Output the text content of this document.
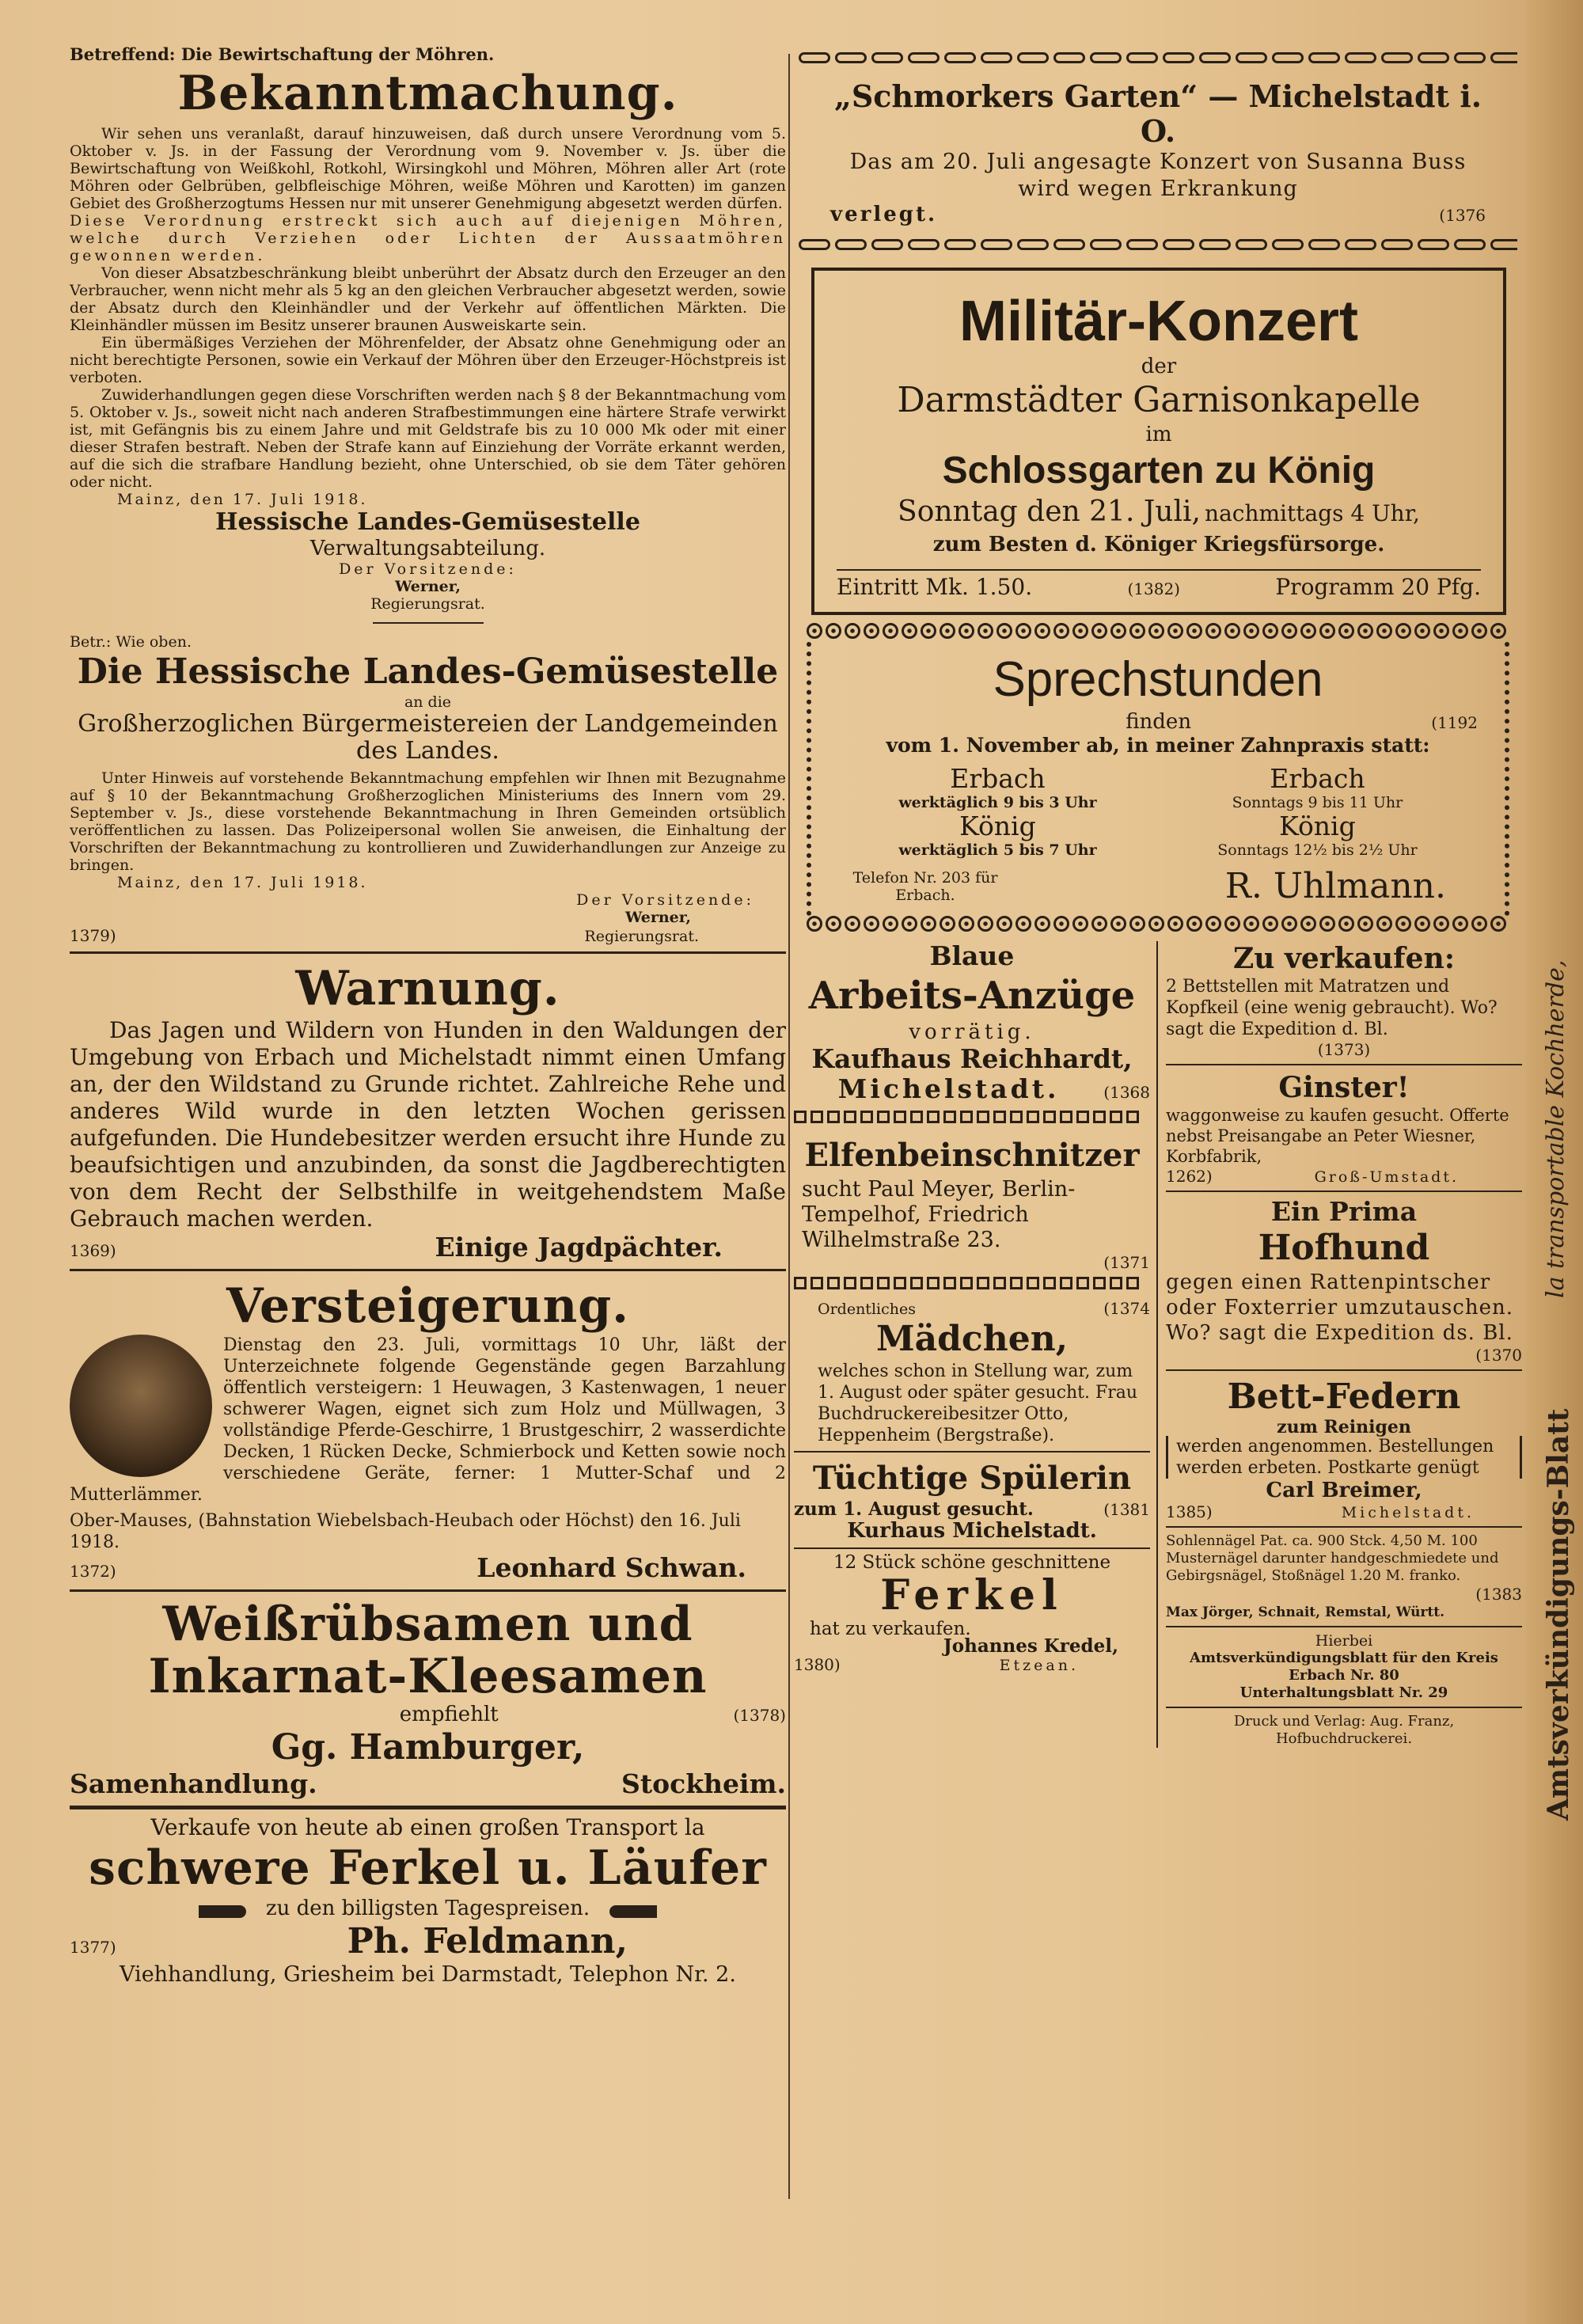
Betreffend: Die Bewirtschaftung der Möhren.
Bekanntmachung.
Wir sehen uns veranlaßt, darauf hinzuweisen, daß durch unsere Verordnung vom 5. Oktober v. Js. in der Fassung der Verordnung vom 9. November v. Js. über die Bewirtschaftung von Weißkohl, Rotkohl, Wirsingkohl und Möhren, Möhren aller Art (rote Möhren oder Gelbrüben, gelbfleischige Möhren, weiße Möhren und Karotten) im ganzen Gebiet des Großherzogtums Hessen nur mit unserer Genehmigung abgesetzt werden dürfen.
Diese Verordnung erstreckt sich auch auf diejenigen Möhren, welche durch Verziehen oder Lichten der Aussaatmöhren gewonnen werden.
Von dieser Absatzbeschränkung bleibt unberührt der Absatz durch den Erzeuger an den Verbraucher, wenn nicht mehr als 5 kg an den gleichen Verbraucher abgesetzt werden, sowie der Absatz durch den Kleinhändler und der Verkehr auf öffentlichen Märkten. Die Kleinhändler müssen im Besitz unserer braunen Ausweiskarte sein.
Ein übermäßiges Verziehen der Möhrenfelder, der Absatz ohne Genehmigung oder an nicht berechtigte Personen, sowie ein Verkauf der Möhren über den Erzeuger-Höchstpreis ist verboten.
Zuwiderhandlungen gegen diese Vorschriften werden nach § 8 der Bekanntmachung vom 5. Oktober v. Js., soweit nicht nach anderen Strafbestimmungen eine härtere Strafe verwirkt ist, mit Gefängnis bis zu einem Jahre und mit Geldstrafe bis zu 10 000 Mk oder mit einer dieser Strafen bestraft. Neben der Strafe kann auf Einziehung der Vorräte erkannt werden, auf die sich die strafbare Handlung bezieht, ohne Unterschied, ob sie dem Täter gehören oder nicht.
Mainz, den 17. Juli 1918.
Hessische Landes-Gemüsestelle
Verwaltungsabteilung.
Der Vorsitzende:
Werner,
Regierungsrat.
Betr.: Wie oben.
Die Hessische Landes-Gemüsestelle
an die
Großherzoglichen Bürgermeistereien der Landgemeinden
des Landes.
Unter Hinweis auf vorstehende Bekanntmachung empfehlen wir Ihnen mit Bezugnahme auf § 10 der Bekanntmachung Großherzoglichen Ministeriums des Innern vom 29. September v. Js., diese vorstehende Bekanntmachung in Ihren Gemeinden ortsüblich veröffentlichen zu lassen. Das Polizeipersonal wollen Sie anweisen, die Einhaltung der Vorschriften der Bekanntmachung zu kontrollieren und Zuwiderhandlungen zur Anzeige zu bringen.
Mainz, den 17. Juli 1918.
Der Vorsitzende:
Werner,
1379)	Regierungsrat.
Warnung.
Das Jagen und Wildern von Hunden in den Waldungen der Umgebung von Erbach und Michelstadt nimmt einen Umfang an, der den Wildstand zu Grunde richtet. Zahlreiche Rehe und anderes Wild wurde in den letzten Wochen gerissen aufgefunden. Die Hundebesitzer werden ersucht ihre Hunde zu beaufsichtigen und anzubinden, da sonst die Jagdberechtigten von dem Recht der Selbsthilfe in weitgehendstem Maße Gebrauch machen werden.
1369)	Einige Jagdpächter.
Versteigerung.
Dienstag den 23. Juli, vormittags 10 Uhr, läßt der Unterzeichnete folgende Gegenstände gegen Barzahlung öffentlich versteigern: 1 Heuwagen, 3 Kastenwagen, 1 neuer schwerer Wagen, eignet sich zum Holz und Müllwagen, 3 vollständige Pferde-Geschirre, 1 Brustgeschirr, 2 wasserdichte Decken, 1 Rücken Decke, Schmierbock und Ketten sowie noch verschiedene Geräte, ferner: 1 Mutter-Schaf und 2 Mutterlämmer.
Ober-Mauses, (Bahnstation Wiebelsbach-Heubach oder Höchst) den 16. Juli 1918.
1372)	Leonhard Schwan.
Weißrübsamen und
Inkarnat-Kleesamen
empfiehlt	(1378)
Gg. Hamburger,
Samenhandlung.	Stockheim.
Verkaufe von heute ab einen großen Transport la
schwere Ferkel u. Läufer
zu den billigsten Tagespreisen.
1377)	Ph. Feldmann,
Viehhandlung, Griesheim bei Darmstadt, Telephon Nr. 2.
„Schmorkers Garten“ — Michelstadt i. O.
Das am 20. Juli angesagte Konzert von Susanna Buss wird wegen Erkrankung
verlegt.	(1376
Militär-Konzert
der
Darmstädter Garnisonkapelle
im
Schlossgarten zu König
Sonntag den 21. Juli, nachmittags 4 Uhr,
zum Besten d. Königer Kriegsfürsorge.
Eintritt Mk. 1.50.	(1382)	Programm 20 Pfg.
Sprechstunden
finden	(1192
vom 1. November ab, in meiner Zahnpraxis statt:
Erbach
werktäglich 9 bis 3 Uhr
König
werktäglich 5 bis 7 Uhr
Erbach
Sonntags 9 bis 11 Uhr
König
Sonntags 12½ bis 2½ Uhr
Telefon Nr. 203 für Erbach.	R. Uhlmann.
Blaue
Arbeits-Anzüge
vorrätig.
Kaufhaus Reichhardt,
Michelstadt.	(1368
Elfenbeinschnitzer
sucht Paul Meyer, Berlin-Tempelhof, Friedrich Wilhelmstraße 23.
(1371
Ordentliches	(1374
Mädchen,
welches schon in Stellung war, zum 1. August oder später gesucht. Frau Buchdruckereibesitzer Otto, Heppenheim (Bergstraße).
Tüchtige Spülerin
zum 1. August gesucht.	(1381
Kurhaus Michelstadt.
12 Stück schöne geschnittene
Ferkel
hat zu verkaufen.
Johannes Kredel,
1380)	Etzean.
Zu verkaufen:
2 Bettstellen mit Matratzen und Kopfkeil (eine wenig gebraucht). Wo? sagt die Expedition d. Bl.
(1373)
Ginster!
waggonweise zu kaufen gesucht. Offerte nebst Preisangabe an Peter Wiesner, Korbfabrik,
1262)	Groß-Umstadt.
Ein Prima
Hofhund
gegen einen Rattenpintscher oder Foxterrier umzutauschen. Wo? sagt die Expedition ds. Bl.
(1370
Bett-Federn
zum Reinigen
werden angenommen. Bestellungen werden erbeten. Postkarte genügt
Carl Breimer,
1385)	Michelstadt.
Sohlennägel Pat. ca. 900 Stck. 4,50 M. 100 Musternägel darunter handgeschmiedete und Gebirgsnägel, Stoßnägel 1.20 M. franko.
(1383
Max Jörger, Schnait, Remstal, Württ.
Hierbei
Amtsverkündigungsblatt für den Kreis Erbach Nr. 80
Unterhaltungsblatt Nr. 29
Druck und Verlag: Aug. Franz, Hofbuchdruckerei.	Amtsverkündigungs-Blatt
la transportable Kochherde,
